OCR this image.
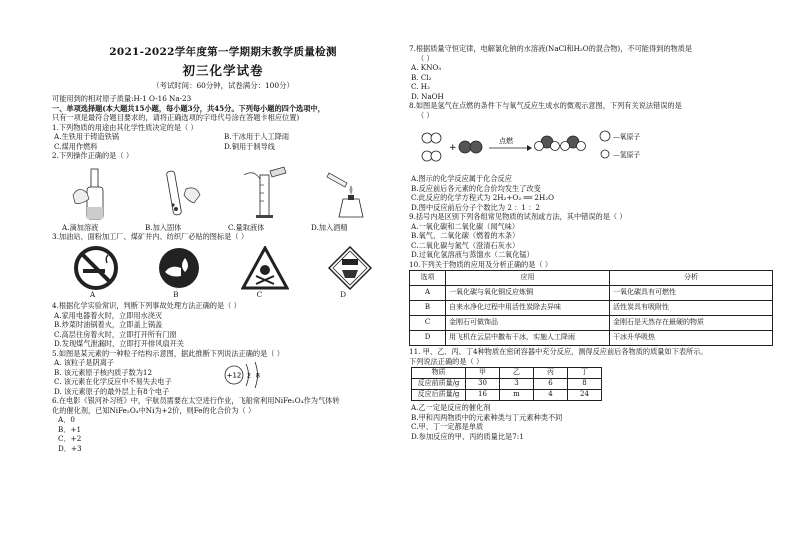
2021-2022学年度第一学期期末教学质量检测
初三化学试卷
（考试时间：60分钟，试卷满分：100分）
可能用到的相对原子质量:H-1 O-16 Na-23
一、单项选择题(本大题共15小题，每小题3分，共45分。下列每小题的四个选项中，
只有一项是最符合题目要求的，请将正确选项的字母代号涂在答题卡相应位置)
1.下列物质的用途由其化学性质决定的是（ ）
A.生铁用于铸造铁锅	B.干冰用于人工降雨
C.煤用作燃料	D.铜用于制导线
2.下列操作正确的是（ ）
A.滴加溶液	B.加入固体	C.量取液体	D.加入酒精
3.加油站、面粉加工厂、煤矿井内、纺织厂必贴的图标是（ ）
A	B	C	D
4.根据化学实验常识，判断下列事故处理方法正确的是（ ）
A.家用电器着火时，立即用水浇灭
B.炒菜时油锅着火，立即盖上锅盖
C.高层住房着火时，立即打开所有门窗
D.发现煤气泄漏时，立即打开排风扇开关
5.如图是某元素的一种粒子结构示意图，据此推断下列说法正确的是（ ）
A. 该粒子是阴离子
B. 该元素原子核内质子数为12
C. 该元素在化学反应中不易失去电子
D. 该元素原子的最外层上有8个电子
+12 2 8
6.在电影《银河补习班》中，宇航员需要在太空进行作业，飞船常利用NiFe₂O₄作为气体转
化的催化剂，已知NiFe₂O₄中Ni为+2价，则Fe的化合价为（ ）
A．0
B．+1
C．+2
D．+3
7.根据质量守恒定律，电解氯化钠的水溶液(NaCl和H₂O的混合物)，不可能得到的物质是
（ ）
A. KNO₃
B. Cl₂
C. H₂
D. NaOH
8.如图是氢气在点燃的条件下与氧气反应生成水的微观示意图，下列有关说法错误的是
（ ）
+
点燃	—氧原子
—氢原子
A.图示的化学反应属于化合反应
B.反应前后各元素的化合价均发生了改变
C.此反应的化学方程式为 2H₂+O₂ ══ 2H₂O
D.图中反应前后分子个数比为 2 ：1 ：2
9.括号内是区别下列各组常见物质的试剂或方法，其中错误的是（ ）
A.一氧化碳和二氧化碳（闻气味）
B.氧气、二氧化碳（燃着的木条）
C.二氧化碳与氮气（澄清石灰水）
D.过氧化氢溶液与蒸馏水（二氧化锰）
10.下列关于物质的应用及分析正确的是（ ）
选项	应用	分析
A	一氧化碳与氧化铜反应炼铜	一氧化碳具有可燃性
B	自来水净化过程中用活性炭除去异味	活性炭具有吸附性
C	金刚石可做饰品	金刚石是天然存在最硬的物质
D	用飞机在云层中撒布干冰，实施人工降雨	干冰升华吸热
11. 甲、乙、丙、丁4种物质在密闭容器中充分反应，测得反应前后各物质的质量如下表所示。
下列说法正确的是（ ）
物质	甲	乙	丙	丁
反应前质量/g	30	3	6	8
反应后质量/g	16	m	4	24
A.乙一定是反应的催化剂
B.甲和丙两物质中的元素种类与丁元素种类不同
C.甲、丁一定都是单质
D.参加反应的甲、丙的质量比是7:1
